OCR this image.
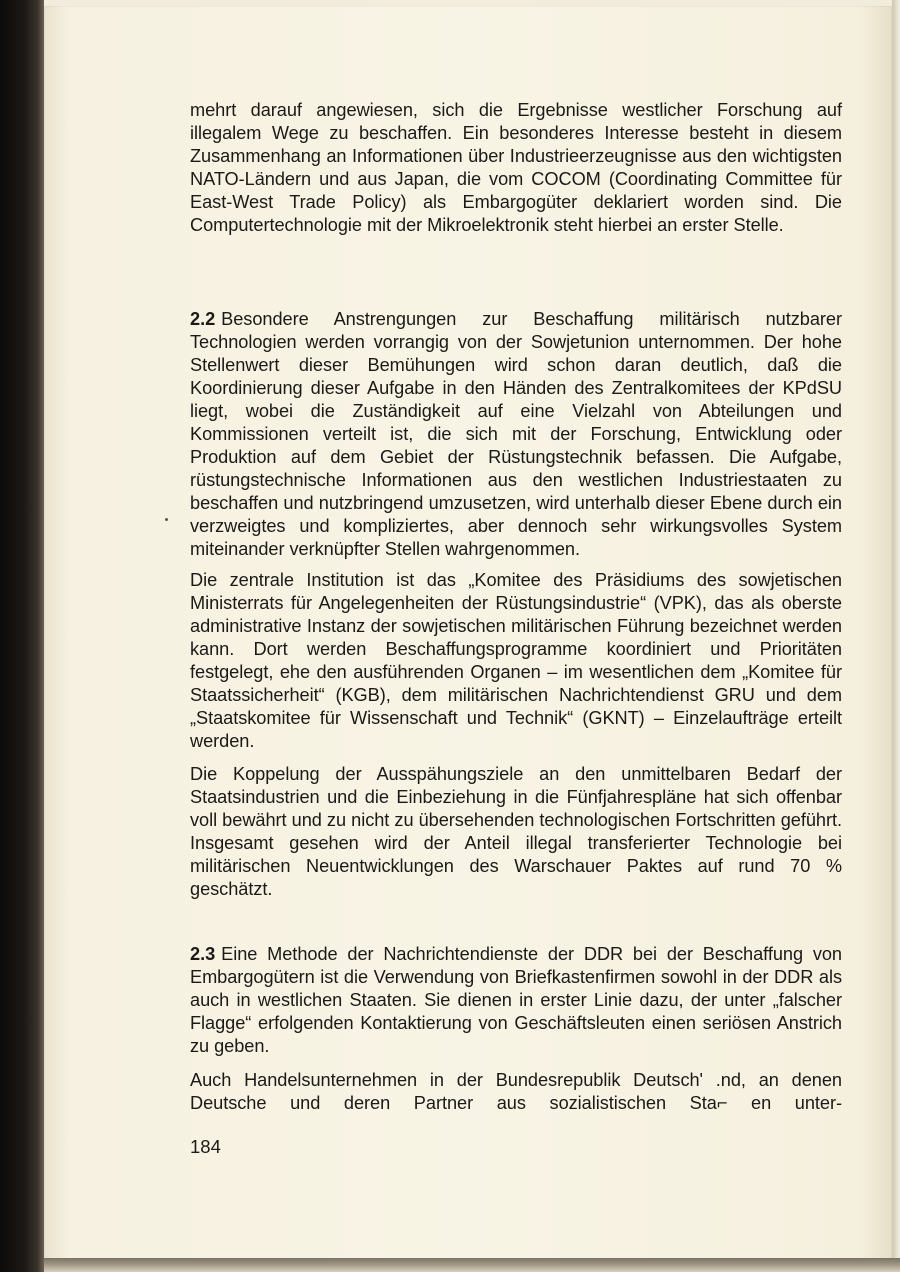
mehrt darauf angewiesen, sich die Ergebnisse westlicher Forschung auf illegalem Wege zu beschaffen. Ein besonderes Interesse besteht in diesem Zusammenhang an Informationen über Industrieerzeugnisse aus den wichtigsten NATO-Ländern und aus Japan, die vom COCOM (Coordinating Committee für East-West Trade Policy) als Embargogüter deklariert worden sind. Die Computertechnologie mit der Mikroelektronik steht hierbei an erster Stelle.

2.2 Besondere Anstrengungen zur Beschaffung militärisch nutzbarer Technologien werden vorrangig von der Sowjetunion unternommen. Der hohe Stellenwert dieser Bemühungen wird schon daran deutlich, daß die Koordinierung dieser Aufgabe in den Händen des Zentralkomitees der KPdSU liegt, wobei die Zuständigkeit auf eine Vielzahl von Abteilungen und Kommissionen verteilt ist, die sich mit der Forschung, Entwicklung oder Produktion auf dem Gebiet der Rüstungstechnik befassen. Die Aufgabe, rüstungstechnische Informationen aus den westlichen Industriestaaten zu beschaffen und nutzbringend umzusetzen, wird unterhalb dieser Ebene durch ein verzweigtes und kompliziertes, aber dennoch sehr wirkungsvolles System miteinander verknüpfter Stellen wahrgenommen.

Die zentrale Institution ist das „Komitee des Präsidiums des sowjetischen Ministerrats für Angelegenheiten der Rüstungsindustrie“ (VPK), das als oberste administrative Instanz der sowjetischen militärischen Führung bezeichnet werden kann. Dort werden Beschaffungsprogramme koordiniert und Prioritäten festgelegt, ehe den ausführenden Organen – im wesentlichen dem „Komitee für Staatssicherheit“ (KGB), dem militärischen Nachrichtendienst GRU und dem „Staatskomitee für Wissenschaft und Technik“ (GKNT) – Einzelaufträge erteilt werden.

Die Koppelung der Ausspähungsziele an den unmittelbaren Bedarf der Staatsindustrien und die Einbeziehung in die Fünfjahrespläne hat sich offenbar voll bewährt und zu nicht zu übersehenden technologischen Fortschritten geführt. Insgesamt gesehen wird der Anteil illegal transferierter Technologie bei militärischen Neuentwicklungen des Warschauer Paktes auf rund 70 % geschätzt.

2.3 Eine Methode der Nachrichtendienste der DDR bei der Beschaffung von Embargogütern ist die Verwendung von Briefkastenfirmen sowohl in der DDR als auch in westlichen Staaten. Sie dienen in erster Linie dazu, der unter „falscher Flagge“ erfolgenden Kontaktierung von Geschäftsleuten einen seriösen Anstrich zu geben.

Auch Handelsunternehmen in der Bundesrepublik Deutsch' .nd, an denen Deutsche und deren Partner aus sozialistischen Sta⌐ en unter-

184
